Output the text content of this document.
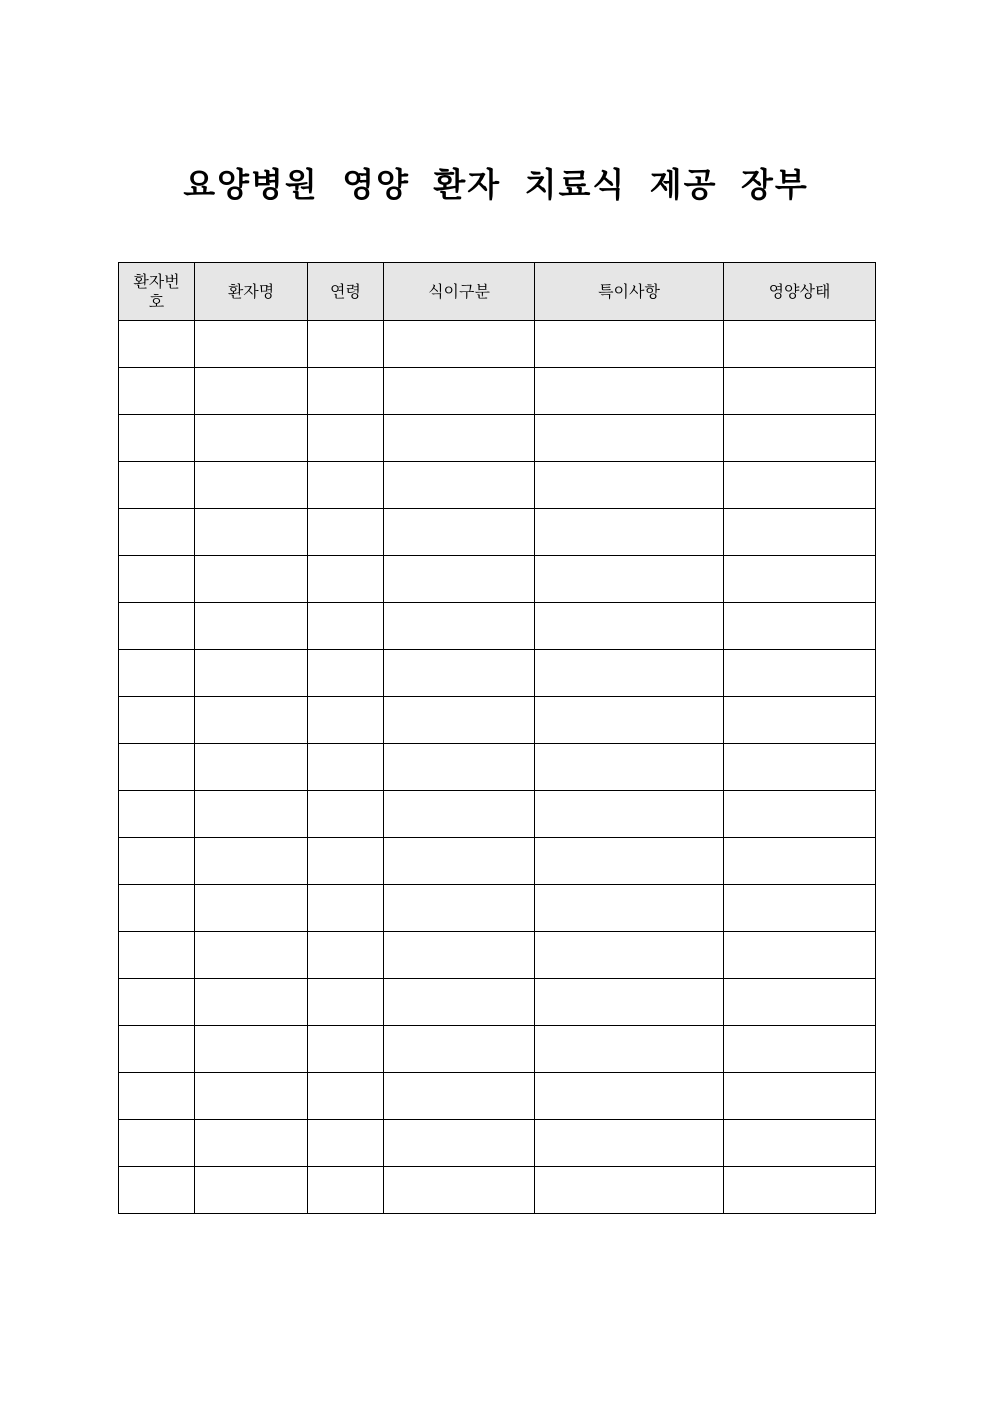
요양병원 영양 환자 치료식 제공 장부
환자번호	환자명	연령	식이구분	특이사항	영양상태
